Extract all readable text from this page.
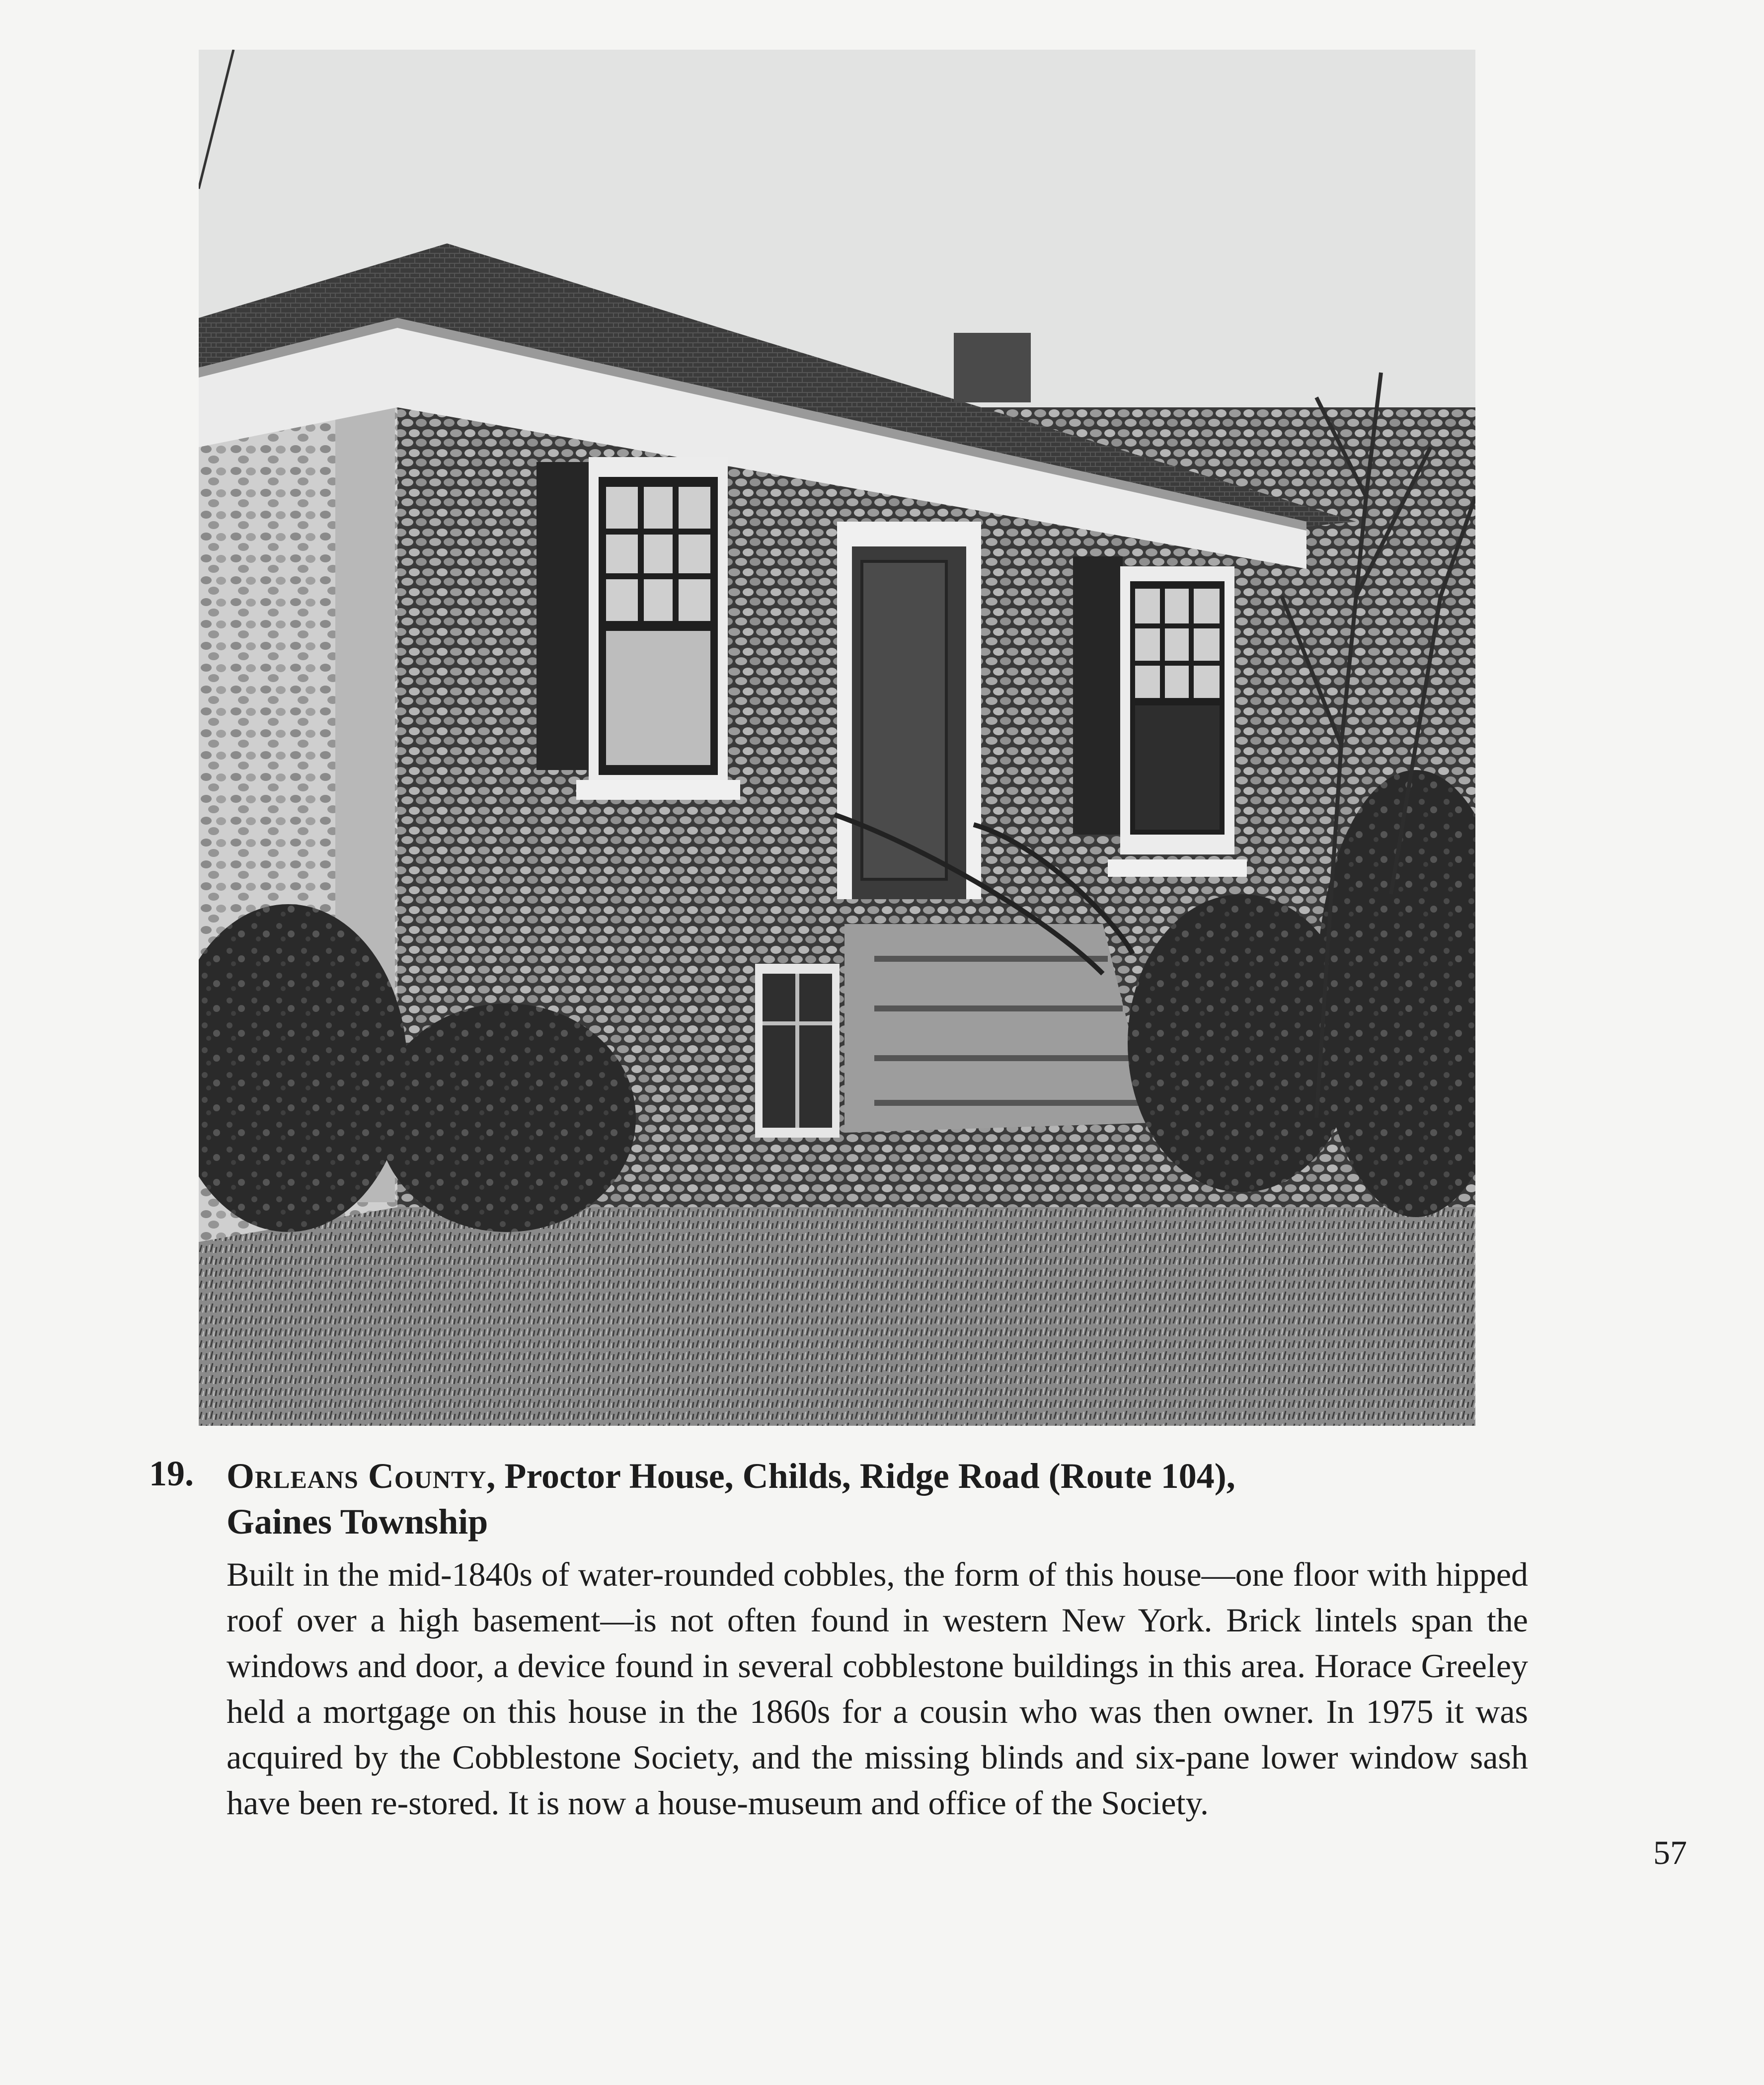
19. Orleans County, Proctor House, Childs, Ridge Road (Route 104),
Gaines Township
Built in the mid-1840s of water-rounded cobbles, the form of this house—one floor with hipped roof over a high basement—is not often found in western New York. Brick lintels span the windows and door, a device found in several cobblestone buildings in this area. Horace Greeley held a mortgage on this house in the 1860s for a cousin who was then owner. In 1975 it was acquired by the Cobblestone Society, and the missing blinds and six-pane lower window sash have been re-stored. It is now a house-museum and office of the Society.
57
